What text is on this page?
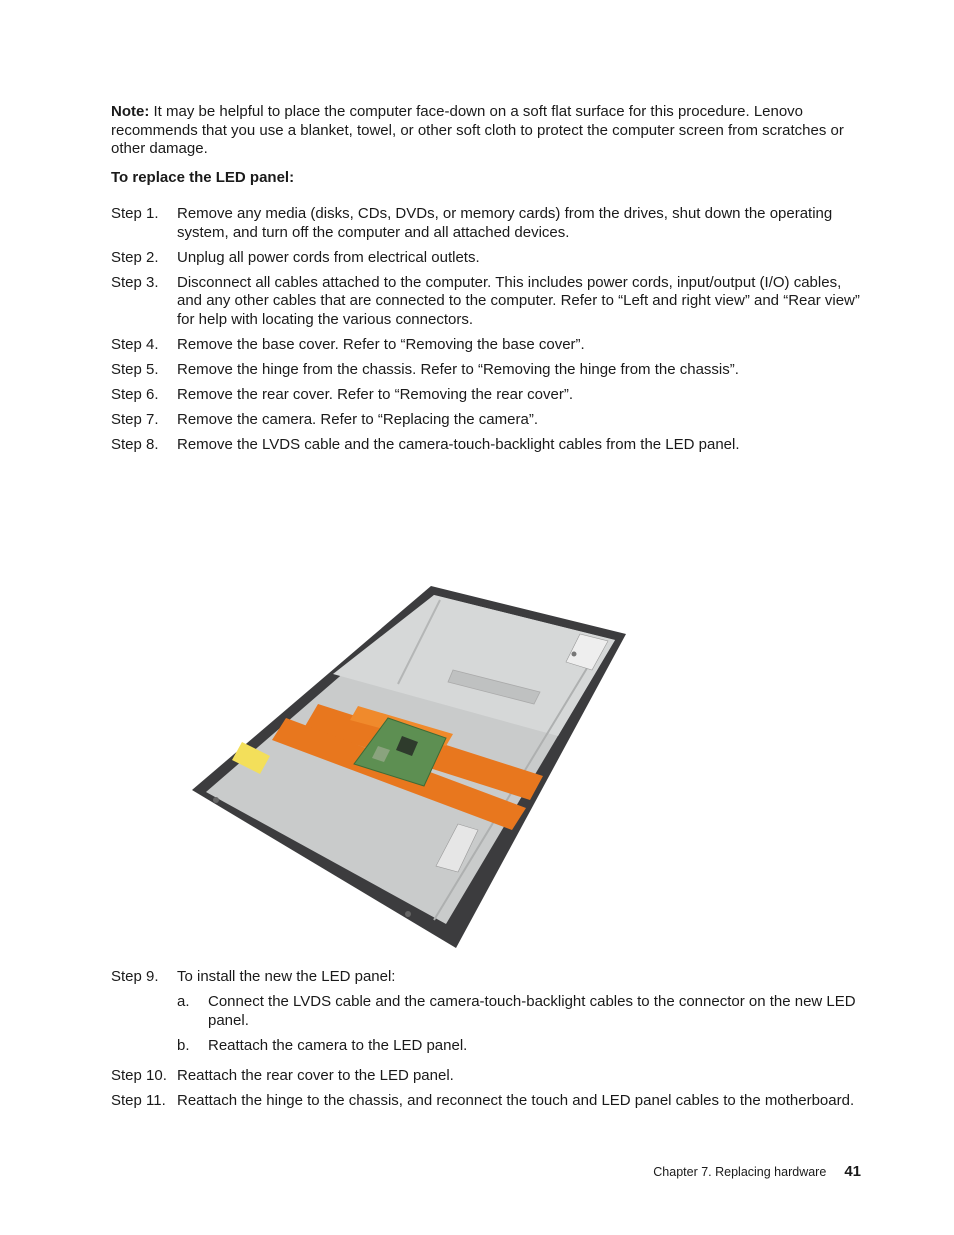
Note: It may be helpful to place the computer face-down on a soft flat surface for this procedure. Lenovo recommends that you use a blanket, towel, or other soft cloth to protect the computer screen from scratches or other damage.

To replace the LED panel:

Step 1.	Remove any media (disks, CDs, DVDs, or memory cards) from the drives, shut down the operating system, and turn off the computer and all attached devices.
Step 2.	Unplug all power cords from electrical outlets.
Step 3.	Disconnect all cables attached to the computer. This includes power cords, input/output (I/O) cables, and any other cables that are connected to the computer. Refer to “Left and right view” and “Rear view” for help with locating the various connectors.
Step 4.	Remove the base cover. Refer to “Removing the base cover”.
Step 5.	Remove the hinge from the chassis. Refer to “Removing the hinge from the chassis”.
Step 6.	Remove the rear cover. Refer to “Removing the rear cover”.
Step 7.	Remove the camera. Refer to “Replacing the camera”.
Step 8.	Remove the LVDS cable and the camera-touch-backlight cables from the LED panel.
Step 9.	To install the new the LED panel:
a.	Connect the LVDS cable and the camera-touch-backlight cables to the connector on the new LED panel.
b.	Reattach the camera to the LED panel.
Step 10. Reattach the rear cover to the LED panel.
Step 11. Reattach the hinge to the chassis, and reconnect the touch and LED panel cables to the motherboard.
Chapter 7. Replacing hardware 41
